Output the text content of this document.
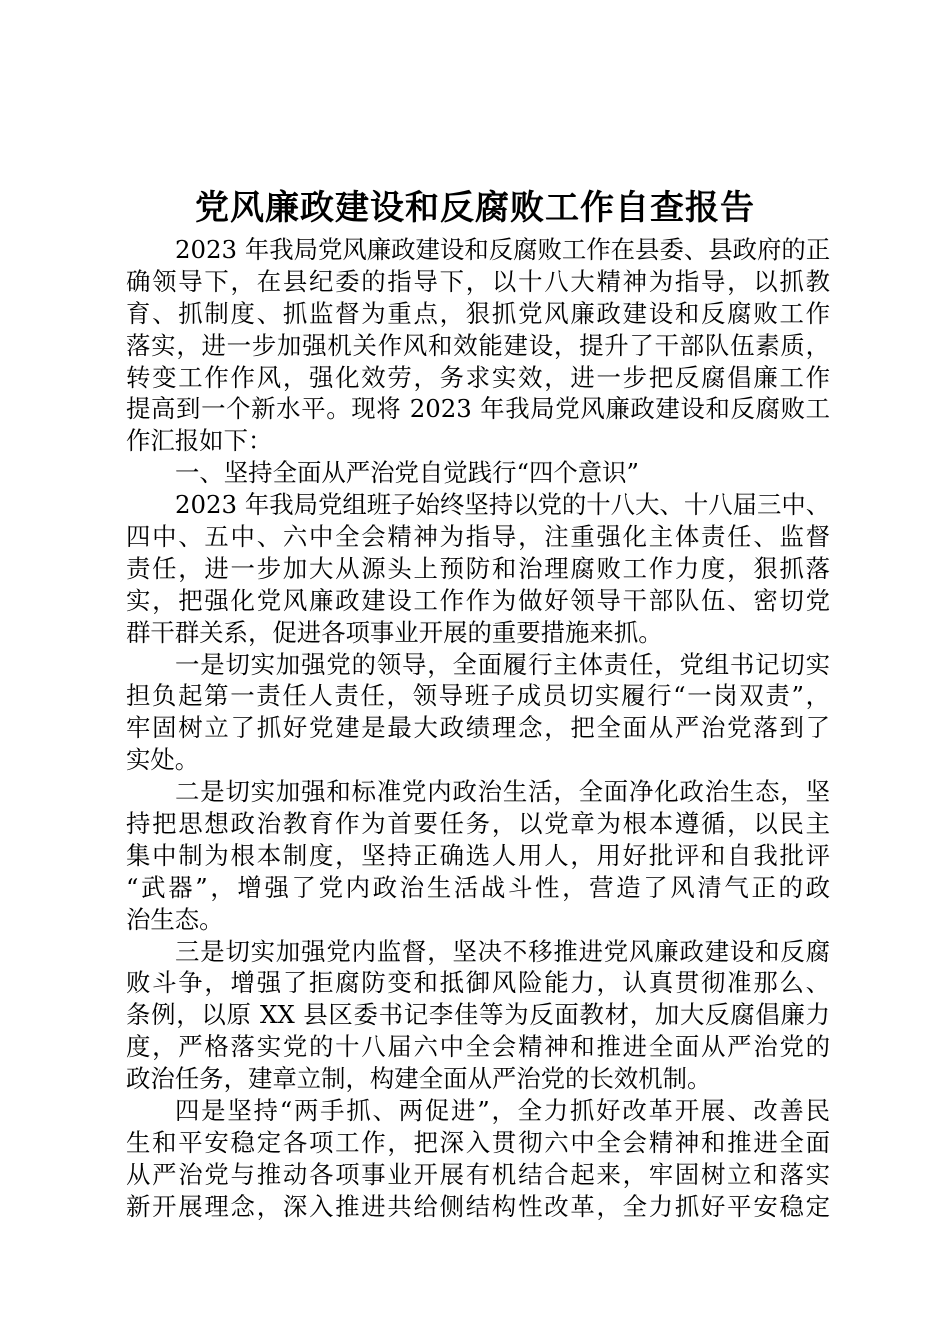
党风廉政建设和反腐败工作自查报告
2023 年我局党风廉政建设和反腐败工作在县委、县政府的正
确领导下，在县纪委的指导下，以十八大精神为指导，以抓教
育、抓制度、抓监督为重点，狠抓党风廉政建设和反腐败工作
落实，进一步加强机关作风和效能建设，提升了干部队伍素质，
转变工作作风，强化效劳，务求实效，进一步把反腐倡廉工作
提高到一个新水平。现将 2023 年我局党风廉政建设和反腐败工
作汇报如下：
一、坚持全面从严治党自觉践行“四个意识”
2023 年我局党组班子始终坚持以党的十八大、十八届三中、
四中、五中、六中全会精神为指导，注重强化主体责任、监督
责任，进一步加大从源头上预防和治理腐败工作力度，狠抓落
实，把强化党风廉政建设工作作为做好领导干部队伍、密切党
群干群关系，促进各项事业开展的重要措施来抓。
一是切实加强党的领导，全面履行主体责任，党组书记切实
担负起第一责任人责任，领导班子成员切实履行“一岗双责”，
牢固树立了抓好党建是最大政绩理念，把全面从严治党落到了
实处。
二是切实加强和标准党内政治生活，全面净化政治生态，坚
持把思想政治教育作为首要任务，以党章为根本遵循，以民主
集中制为根本制度，坚持正确选人用人，用好批评和自我批评
“武器”，增强了党内政治生活战斗性，营造了风清气正的政
治生态。
三是切实加强党内监督，坚决不移推进党风廉政建设和反腐
败斗争，增强了拒腐防变和抵御风险能力，认真贯彻准那么、
条例，以原 XX 县区委书记李佳等为反面教材，加大反腐倡廉力
度，严格落实党的十八届六中全会精神和推进全面从严治党的
政治任务，建章立制，构建全面从严治党的长效机制。
四是坚持“两手抓、两促进”，全力抓好改革开展、改善民
生和平安稳定各项工作，把深入贯彻六中全会精神和推进全面
从严治党与推动各项事业开展有机结合起来，牢固树立和落实
新开展理念，深入推进共给侧结构性改革，全力抓好平安稳定
